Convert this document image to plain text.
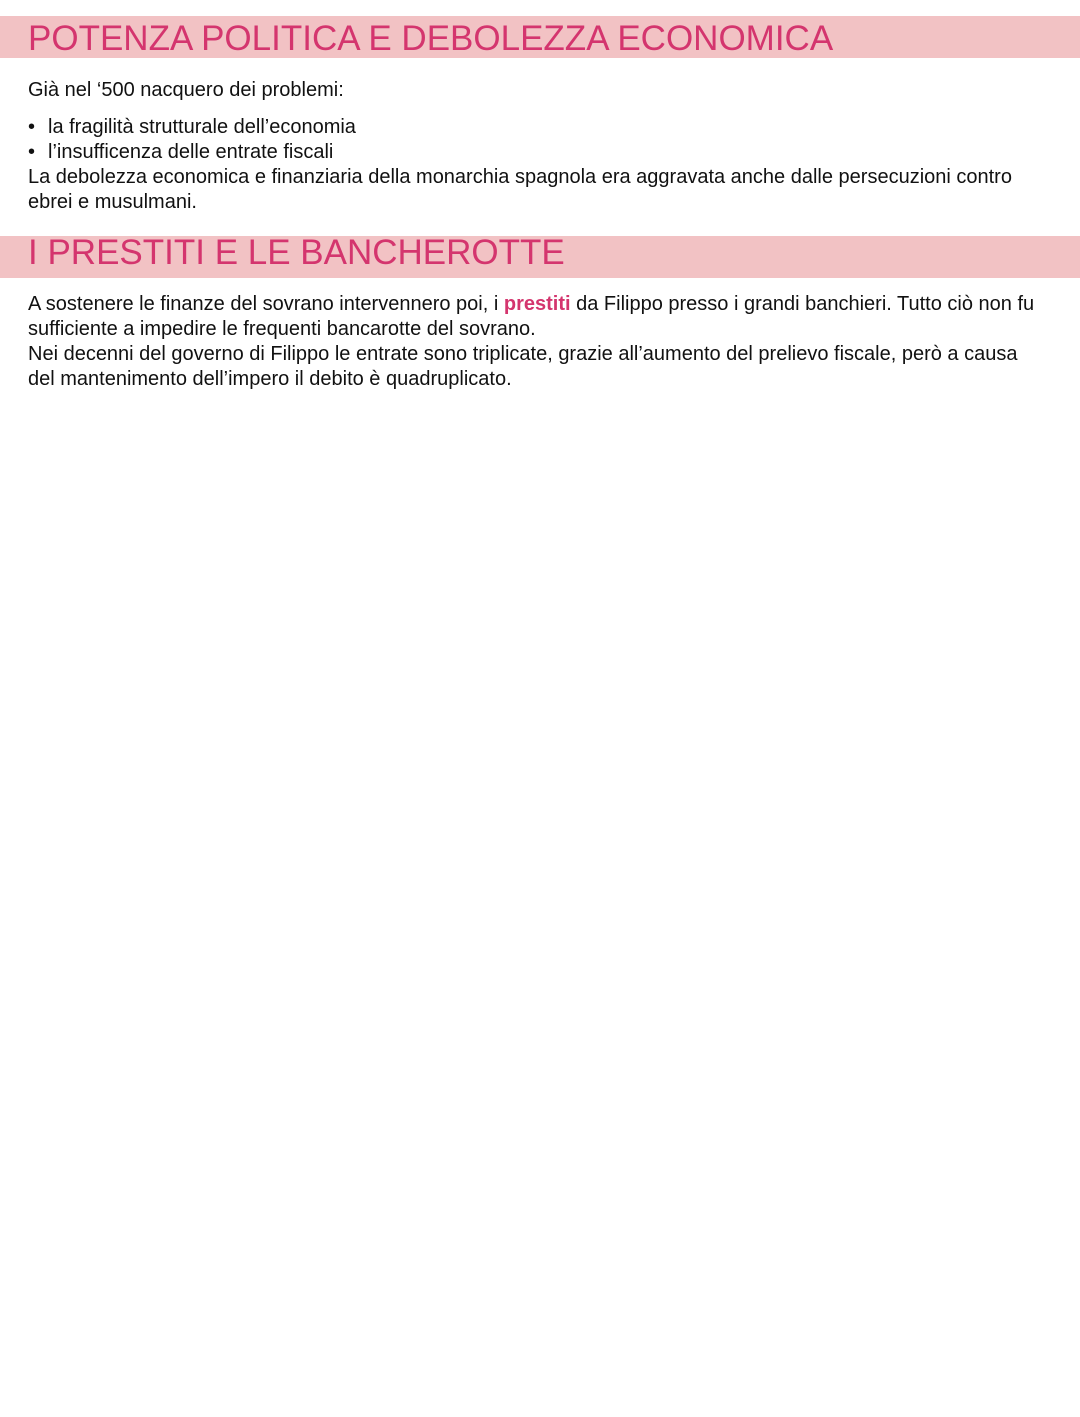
POTENZA POLITICA E DEBOLEZZA ECONOMICA

Già nel ‘500 nacquero dei problemi:

• la fragilità strutturale dell’economia
• l’insufficenza delle entrate fiscali

La debolezza economica e finanziaria della monarchia spagnola era aggravata anche dalle persecuzioni contro ebrei e musulmani.

I PRESTITI E LE BANCHEROTTE

A sostenere le finanze del sovrano intervennero poi, i prestiti da Filippo presso i grandi banchieri. Tutto ciò non fu sufficiente a impedire le frequenti bancarotte del sovrano.

Nei decenni del governo di Filippo le entrate sono triplicate, grazie all’aumento del prelievo fiscale, però a causa del mantenimento dell’impero il debito è quadruplicato.
